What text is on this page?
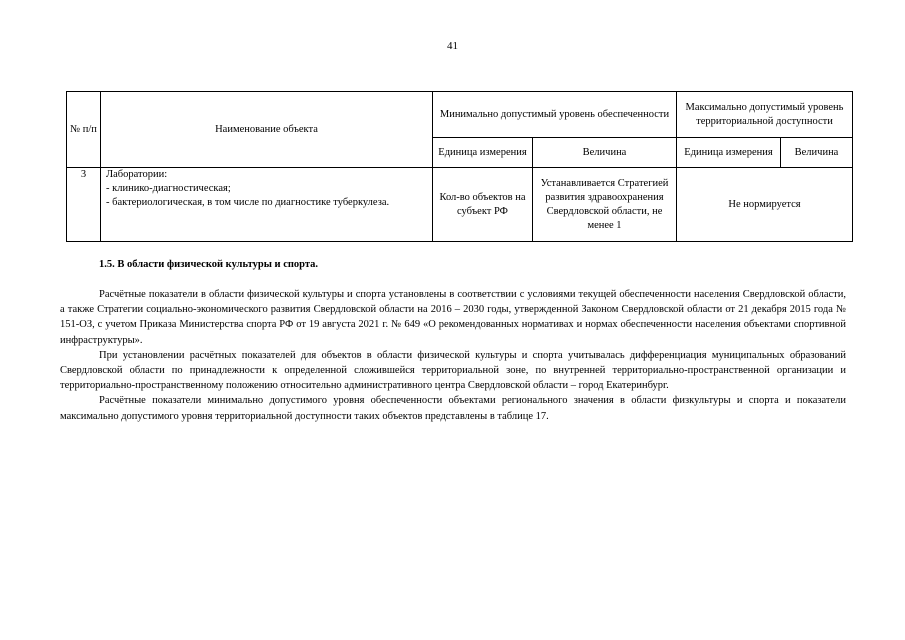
41
№ п/п	Наименование объекта	Минимально допустимый уровень обеспеченности		Максимально допустимый уровень территориальной доступности	
		Единица измерения	Величина	Единица измерения	Величина
3	Лаборатории:
- клинико-диагностическая;
- бактериологическая, в том числе по диагностике туберкулеза.	Кол-во объектов на субъект РФ	Устанавливается Стратегией развития здравоохранения Свердловской области, не менее 1	Не нормируется	
1.5. В области физической культуры и спорта.

Расчётные показатели в области физической культуры и спорта установлены в соответствии с условиями текущей обеспеченности населения Свердловской области, а также Стратегии социально-экономического развития Свердловской области на 2016 – 2030 годы, утвержденной Законом Свердловской области от 21 декабря 2015 года № 151-ОЗ, с учетом Приказа Министерства спорта РФ от 19 августа 2021 г. № 649 «О рекомендованных нормативах и нормах обеспеченности населения объектами спортивной инфраструктуры».

При установлении расчётных показателей для объектов в области физической культуры и спорта учитывалась дифференциация муниципальных образований Свердловской области по принадлежности к определенной сложившейся территориальной зоне, по внутренней территориально-пространственной организации и территориально-пространственному положению относительно административного центра Свердловской области – город Екатеринбург.

Расчётные показатели минимально допустимого уровня обеспеченности объектами регионального значения в области физкультуры и спорта и показатели максимально допустимого уровня территориальной доступности таких объектов представлены в таблице 17.
